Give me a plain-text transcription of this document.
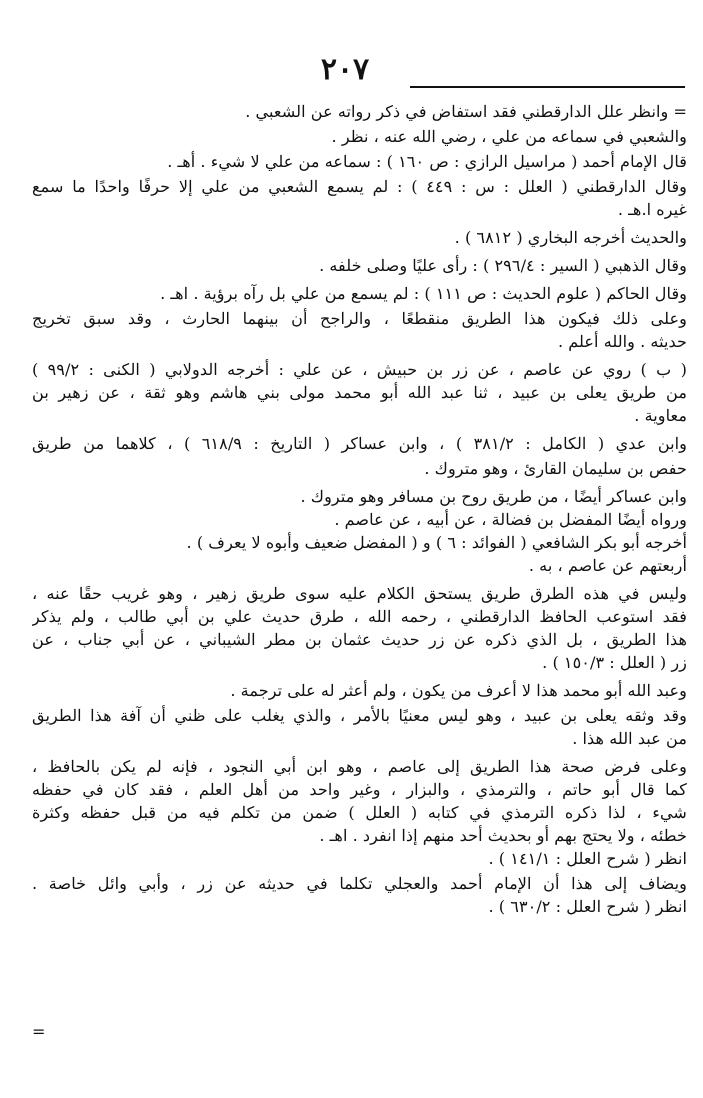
٢٠٧
= وانظر علل الدارقطني فقد استفاض في ذكر رواته عن الشعبي .
والشعبي في سماعه من علي ، رضي الله عنه ، نظر .
قال الإمام أحمد ( مراسيل الرازي : ص ١٦٠ ) : سماعه من علي لا شيء . أهـ .
وقال الدارقطني ( العلل : س : ٤٤٩ ) : لم يسمع الشعبي من علي إلا حرفًا واحدًا ما سمع
غيره ا.هـ .
والحديث أخرجه البخاري ( ٦٨١٢ ) .
وقال الذهبي ( السير : ٢٩٦/٤ ) : رأى عليًا وصلى خلفه .
وقال الحاكم ( علوم الحديث : ص ١١١ ) : لم يسمع من علي بل رآه برؤية . اهـ .
وعلى ذلك فيكون هذا الطريق منقطعًا ، والراجح أن بينهما الحارث ، وقد سبق تخريج
حديثه . والله أعلم .
( ب ) روي عن عاصم ، عن زر بن حبيش ، عن علي : أخرجه الدولابي ( الكنى : ٩٩/٢ )
من طريق يعلى بن عبيد ، ثنا عبد الله أبو محمد مولى بني هاشم وهو ثقة ، عن زهير بن
معاوية .
وابن عدي ( الكامل : ٣٨١/٢ ) ، وابن عساكر ( التاريخ : ٦١٨/٩ ) ، كلاهما من طريق
حفص بن سليمان القارئ ، وهو متروك .
وابن عساكر أيضًا ، من طريق روح بن مسافر وهو متروك .
ورواه أيضًا المفضل بن فضالة ، عن أبيه ، عن عاصم .
أخرجه أبو بكر الشافعي ( الفوائد : ٦ ) و ( المفضل ضعيف وأبوه لا يعرف ) .
أربعتهم عن عاصم ، به .
وليس في هذه الطرق طريق يستحق الكلام عليه سوى طريق زهير ، وهو غريب حقًا عنه ،
فقد استوعب الحافظ الدارقطني ، رحمه الله ، طرق حديث علي بن أبي طالب ، ولم يذكر
هذا الطريق ، بل الذي ذكره عن زر حديث عثمان بن مطر الشيباني ، عن أبي جناب ، عن
زر ( العلل : ١٥٠/٣ ) .
وعبد الله أبو محمد هذا لا أعرف من يكون ، ولم أعثر له على ترجمة .
وقد وثقه يعلى بن عبيد ، وهو ليس معنيًا بالأمر ، والذي يغلب على ظني أن آفة هذا الطريق
من عبد الله هذا .
وعلى فرض صحة هذا الطريق إلى عاصم ، وهو ابن أبي النجود ، فإنه لم يكن بالحافظ ،
كما قال أبو حاتم ، والترمذي ، والبزار ، وغير واحد من أهل العلم ، فقد كان في حفظه
شيء ، لذا ذكره الترمذي في كتابه ( العلل ) ضمن من تكلم فيه من قبل حفظه وكثرة
خطئه ، ولا يحتج بهم أو بحديث أحد منهم إذا انفرد . اهـ .
انظر ( شرح العلل : ١٤١/١ ) .
ويضاف إلى هذا أن الإمام أحمد والعجلي تكلما في حديثه عن زر ، وأبي وائل خاصة .
انظر ( شرح العلل : ٦٣٠/٢ ) .
=
